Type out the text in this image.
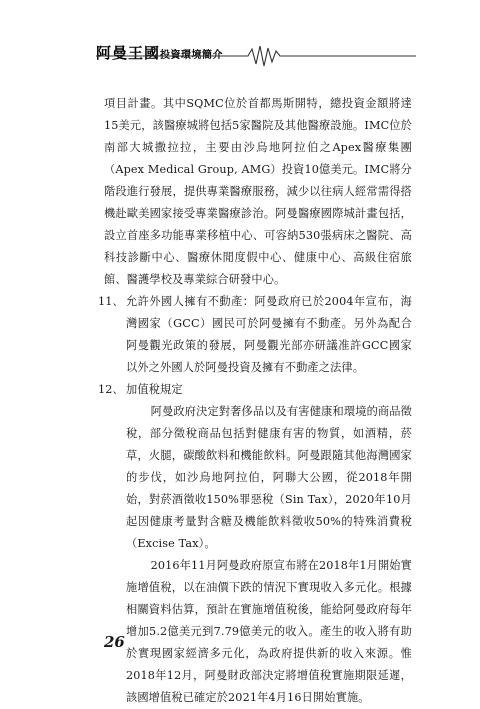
阿曼王國投資環境簡介

項目計畫。其中SQMC位於首都馬斯開特，總投資金額將達15美元，該醫療城將包括5家醫院及其他醫療設施。IMC位於南部大城撒拉拉，主要由沙烏地阿拉伯之Apex醫療集團（Apex Medical Group, AMG）投資10億美元。IMC將分階段進行發展，提供專業醫療服務，減少以往病人經常需得搭機赴歐美國家接受專業醫療診治。阿曼醫療國際城計畫包括，設立首座多功能專業移植中心、可容納530張病床之醫院、高科技診斷中心、醫療休閒度假中心、健康中心、高級住宿旅館、醫護學校及專業綜合研發中心。

11、 允許外國人擁有不動產：阿曼政府已於2004年宣布，海灣國家（GCC）國民可於阿曼擁有不動產。另外為配合阿曼觀光政策的發展，阿曼觀光部亦研議准許GCC國家以外之外國人於阿曼投資及擁有不動產之法律。

12、 加值稅規定

阿曼政府決定對奢侈品以及有害健康和環境的商品徵稅，部分徵稅商品包括對健康有害的物質，如酒精，菸草，火腿，碳酸飲料和機能飲料。阿曼跟隨其他海灣國家的步伐，如沙烏地阿拉伯，阿聯大公國，從2018年開始，對菸酒徵收150%罪惡稅（Sin Tax），2020年10月起因健康考量對含糖及機能飲料徵收50%的特殊消費稅（Excise Tax）。

2016年11月阿曼政府原宣布將在2018年1月開始實施增值稅，以在油價下跌的情況下實現收入多元化。根據相關資料估算，預計在實施增值稅後，能給阿曼政府每年增加5.2億美元到7.79億美元的收入。產生的收入將有助於實現國家經濟多元化，為政府提供新的收入來源。惟2018年12月，阿曼財政部決定將增值稅實施期限延遲，該國增值稅已確定於2021年4月16日開始實施。

26
